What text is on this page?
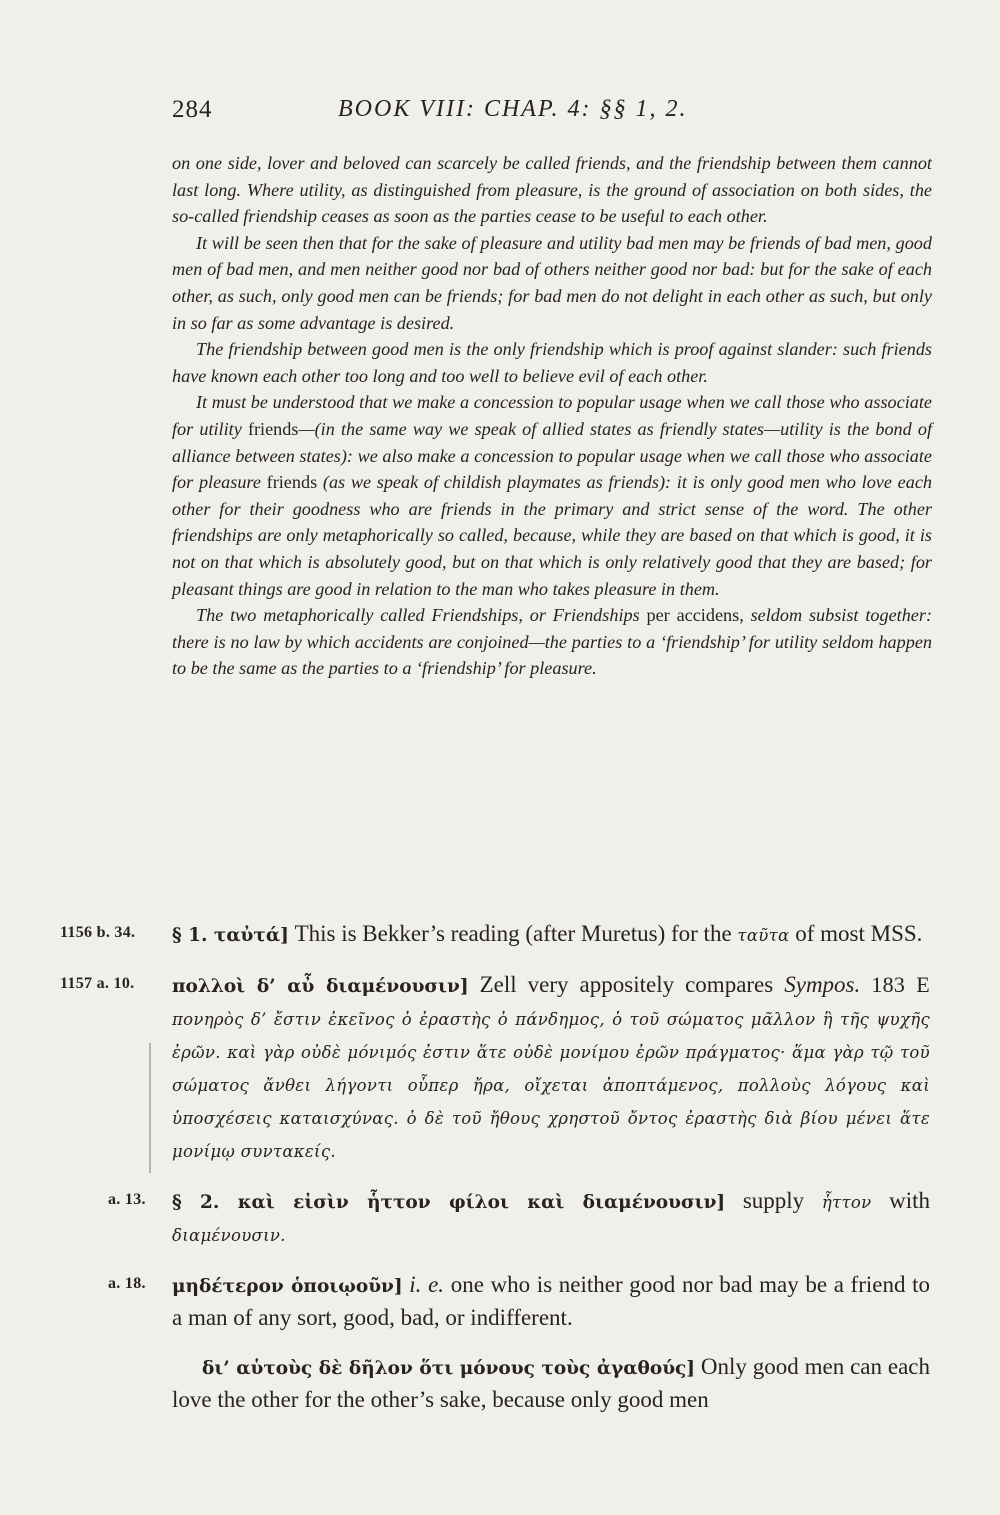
284	BOOK VIII: CHAP. 4: §§ 1, 2.

on one side, lover and beloved can scarcely be called friends, and the friendship between them cannot last long. Where utility, as distinguished from pleasure, is the ground of association on both sides, the so-called friendship ceases as soon as the parties cease to be useful to each other.

It will be seen then that for the sake of pleasure and utility bad men may be friends of bad men, good men of bad men, and men neither good nor bad of others neither good nor bad: but for the sake of each other, as such, only good men can be friends; for bad men do not delight in each other as such, but only in so far as some advantage is desired.

The friendship between good men is the only friendship which is proof against slander: such friends have known each other too long and too well to believe evil of each other.

It must be understood that we make a concession to popular usage when we call those who associate for utility friends—(in the same way we speak of allied states as friendly states—utility is the bond of alliance between states): we also make a concession to popular usage when we call those who associate for pleasure friends (as we speak of childish playmates as friends): it is only good men who love each other for their goodness who are friends in the primary and strict sense of the word. The other friendships are only metaphorically so called, because, while they are based on that which is good, it is not on that which is absolutely good, but on that which is only relatively good that they are based; for pleasant things are good in relation to the man who takes pleasure in them.

The two metaphorically called Friendships, or Friendships per accidens, seldom subsist together: there is no law by which accidents are conjoined—the parties to a ‘friendship’ for utility seldom happen to be the same as the parties to a ‘friendship’ for pleasure.

1156 b. 34. § 1. ταὐτά] This is Bekker’s reading (after Muretus) for the ταῦτα of most MSS.
1157 a. 10. πολλοὶ δ’ αὖ διαμένουσιν] Zell very appositely compares Sympos. 183 E πονηρὸς δ’ ἔστιν ἐκεῖνος ὁ ἐραστὴς ὁ πάνδημος, ὁ τοῦ σώματος μᾶλλον ἢ τῆς ψυχῆς ἐρῶν. καὶ γὰρ οὐδὲ μόνιμός ἐστιν ἅτε οὐδὲ μονίμου ἐρῶν πράγματος· ἅμα γὰρ τῷ τοῦ σώματος ἄνθει λήγοντι οὗπερ ἤρα, οἴχεται ἀποπτάμενος, πολλοὺς λόγους καὶ ὑποσχέσεις καταισχύνας. ὁ δὲ τοῦ ἤθους χρηστοῦ ὄντος ἐραστὴς διὰ βίου μένει ἅτε μονίμῳ συντακείς.
a. 13. § 2. καὶ εἰσὶν ἧττον φίλοι καὶ διαμένουσιν] supply ἧττον with διαμένουσιν.
a. 18. μηδέτερον ὁποιῳοῦν] i. e. one who is neither good nor bad may be a friend to a man of any sort, good, bad, or indifferent.
δι’ αὑτοὺς δὲ δῆλον ὅτι μόνους τοὺς ἀγαθούς] Only good men can each love the other for the other’s sake, because only good men
